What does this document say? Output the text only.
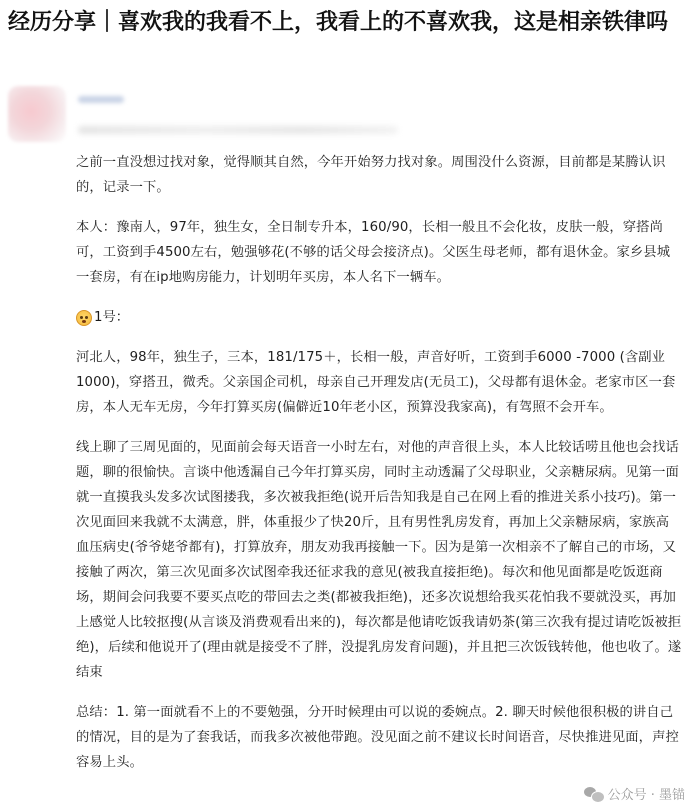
经历分享｜喜欢我的我看不上，我看上的不喜欢我，这是相亲铁律吗

之前一直没想过找对象，觉得顺其自然，今年开始努力找对象。周围没什么资源，目前都是某腾认识的，记录一下。

本人：豫南人，97年，独生女，全日制专升本，160/90，长相一般且不会化妆，皮肤一般，穿搭尚可，工资到手4500左右，勉强够花(不够的话父母会接济点)。父医生母老师，都有退休金。家乡县城一套房，有在ip地购房能力，计划明年买房，本人名下一辆车。

1号：

河北人，98年，独生子，三本，181/175＋，长相一般，声音好听，工资到手6000 -7000 (含副业1000)，穿搭丑，微秃。父亲国企司机，母亲自己开理发店(无员工)，父母都有退休金。老家市区一套房，本人无车无房，今年打算买房(偏僻近10年老小区，预算没我家高)，有驾照不会开车。

线上聊了三周见面的，见面前会每天语音一小时左右，对他的声音很上头，本人比较话唠且他也会找话题，聊的很愉快。言谈中他透漏自己今年打算买房，同时主动透漏了父母职业，父亲糖尿病。见第一面就一直摸我头发多次试图搂我，多次被我拒绝(说开后告知我是自己在网上看的推进关系小技巧)。第一次见面回来我就不太满意，胖，体重报少了快20斤，且有男性乳房发育，再加上父亲糖尿病，家族高血压病史(爷爷姥爷都有)，打算放弃，朋友劝我再接触一下。因为是第一次相亲不了解自己的市场，又接触了两次，第三次见面多次试图牵我还征求我的意见(被我直接拒绝)。每次和他见面都是吃饭逛商场，期间会问我要不要买点吃的带回去之类(都被我拒绝)，还多次说想给我买花怕我不要就没买，再加上感觉人比较抠搜(从言谈及消费观看出来的)，每次都是他请吃饭我请奶茶(第三次我有提过请吃饭被拒绝)，后续和他说开了(理由就是接受不了胖，没提乳房发育问题)，并且把三次饭钱转他，他也收了。遂结束

总结：1. 第一面就看不上的不要勉强，分开时候理由可以说的委婉点。2. 聊天时候他很积极的讲自己的情况，目的是为了套我话，而我多次被他带跑。没见面之前不建议长时间语音，尽快推进见面，声控容易上头。

公众号 · 墨锚
